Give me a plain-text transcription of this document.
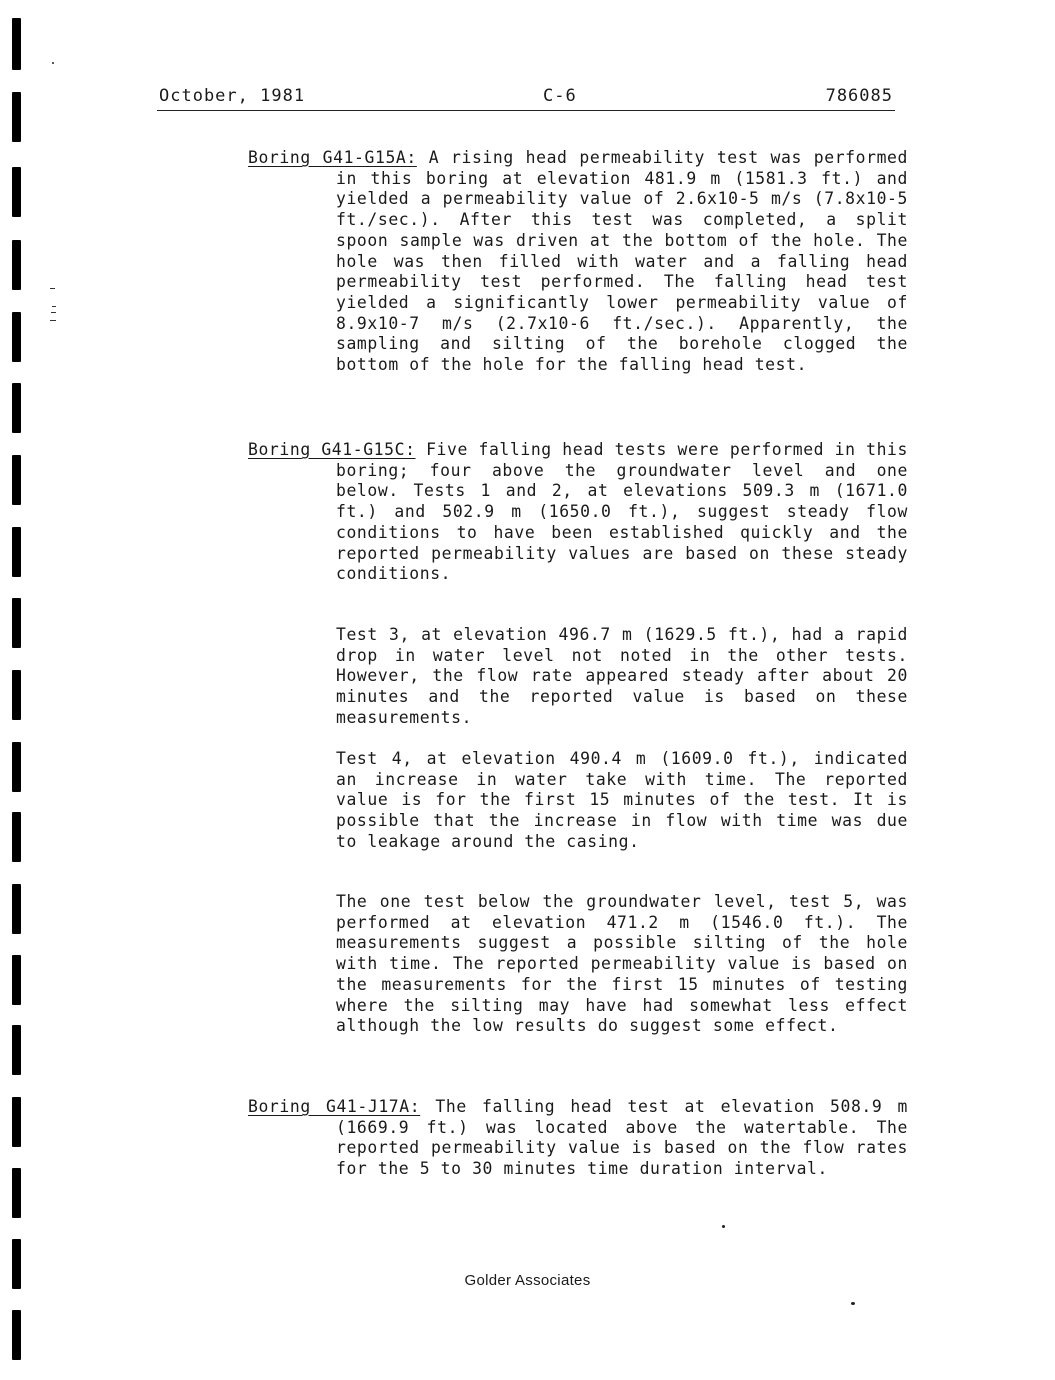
October, 1981	C-6	786085

Boring G41-G15A: A rising head permeability test was performed in this boring at elevation 481.9 m (1581.3 ft.) and yielded a permeability value of 2.6x10-5 m/s (7.8x10-5 ft./sec.). After this test was completed, a split spoon sample was driven at the bottom of the hole. The hole was then filled with water and a falling head permeability test performed. The falling head test yielded a significantly lower permeability value of 8.9x10-7 m/s (2.7x10-6 ft./sec.). Apparently, the sampling and silting of the borehole clogged the bottom of the hole for the falling head test.

Boring G41-G15C: Five falling head tests were performed in this boring; four above the groundwater level and one below. Tests 1 and 2, at elevations 509.3 m (1671.0 ft.) and 502.9 m (1650.0 ft.), suggest steady flow conditions to have been established quickly and the reported permeability values are based on these steady conditions.

Test 3, at elevation 496.7 m (1629.5 ft.), had a rapid drop in water level not noted in the other tests. However, the flow rate appeared steady after about 20 minutes and the reported value is based on these measurements.

Test 4, at elevation 490.4 m (1609.0 ft.), indicated an increase in water take with time. The reported value is for the first 15 minutes of the test. It is possible that the increase in flow with time was due to leakage around the casing.

The one test below the groundwater level, test 5, was performed at elevation 471.2 m (1546.0 ft.). The measurements suggest a possible silting of the hole with time. The reported permeability value is based on the measurements for the first 15 minutes of testing where the silting may have had somewhat less effect although the low results do suggest some effect.

Boring G41-J17A: The falling head test at elevation 508.9 m (1669.9 ft.) was located above the watertable. The reported permeability value is based on the flow rates for the 5 to 30 minutes time duration interval.

Golder Associates
